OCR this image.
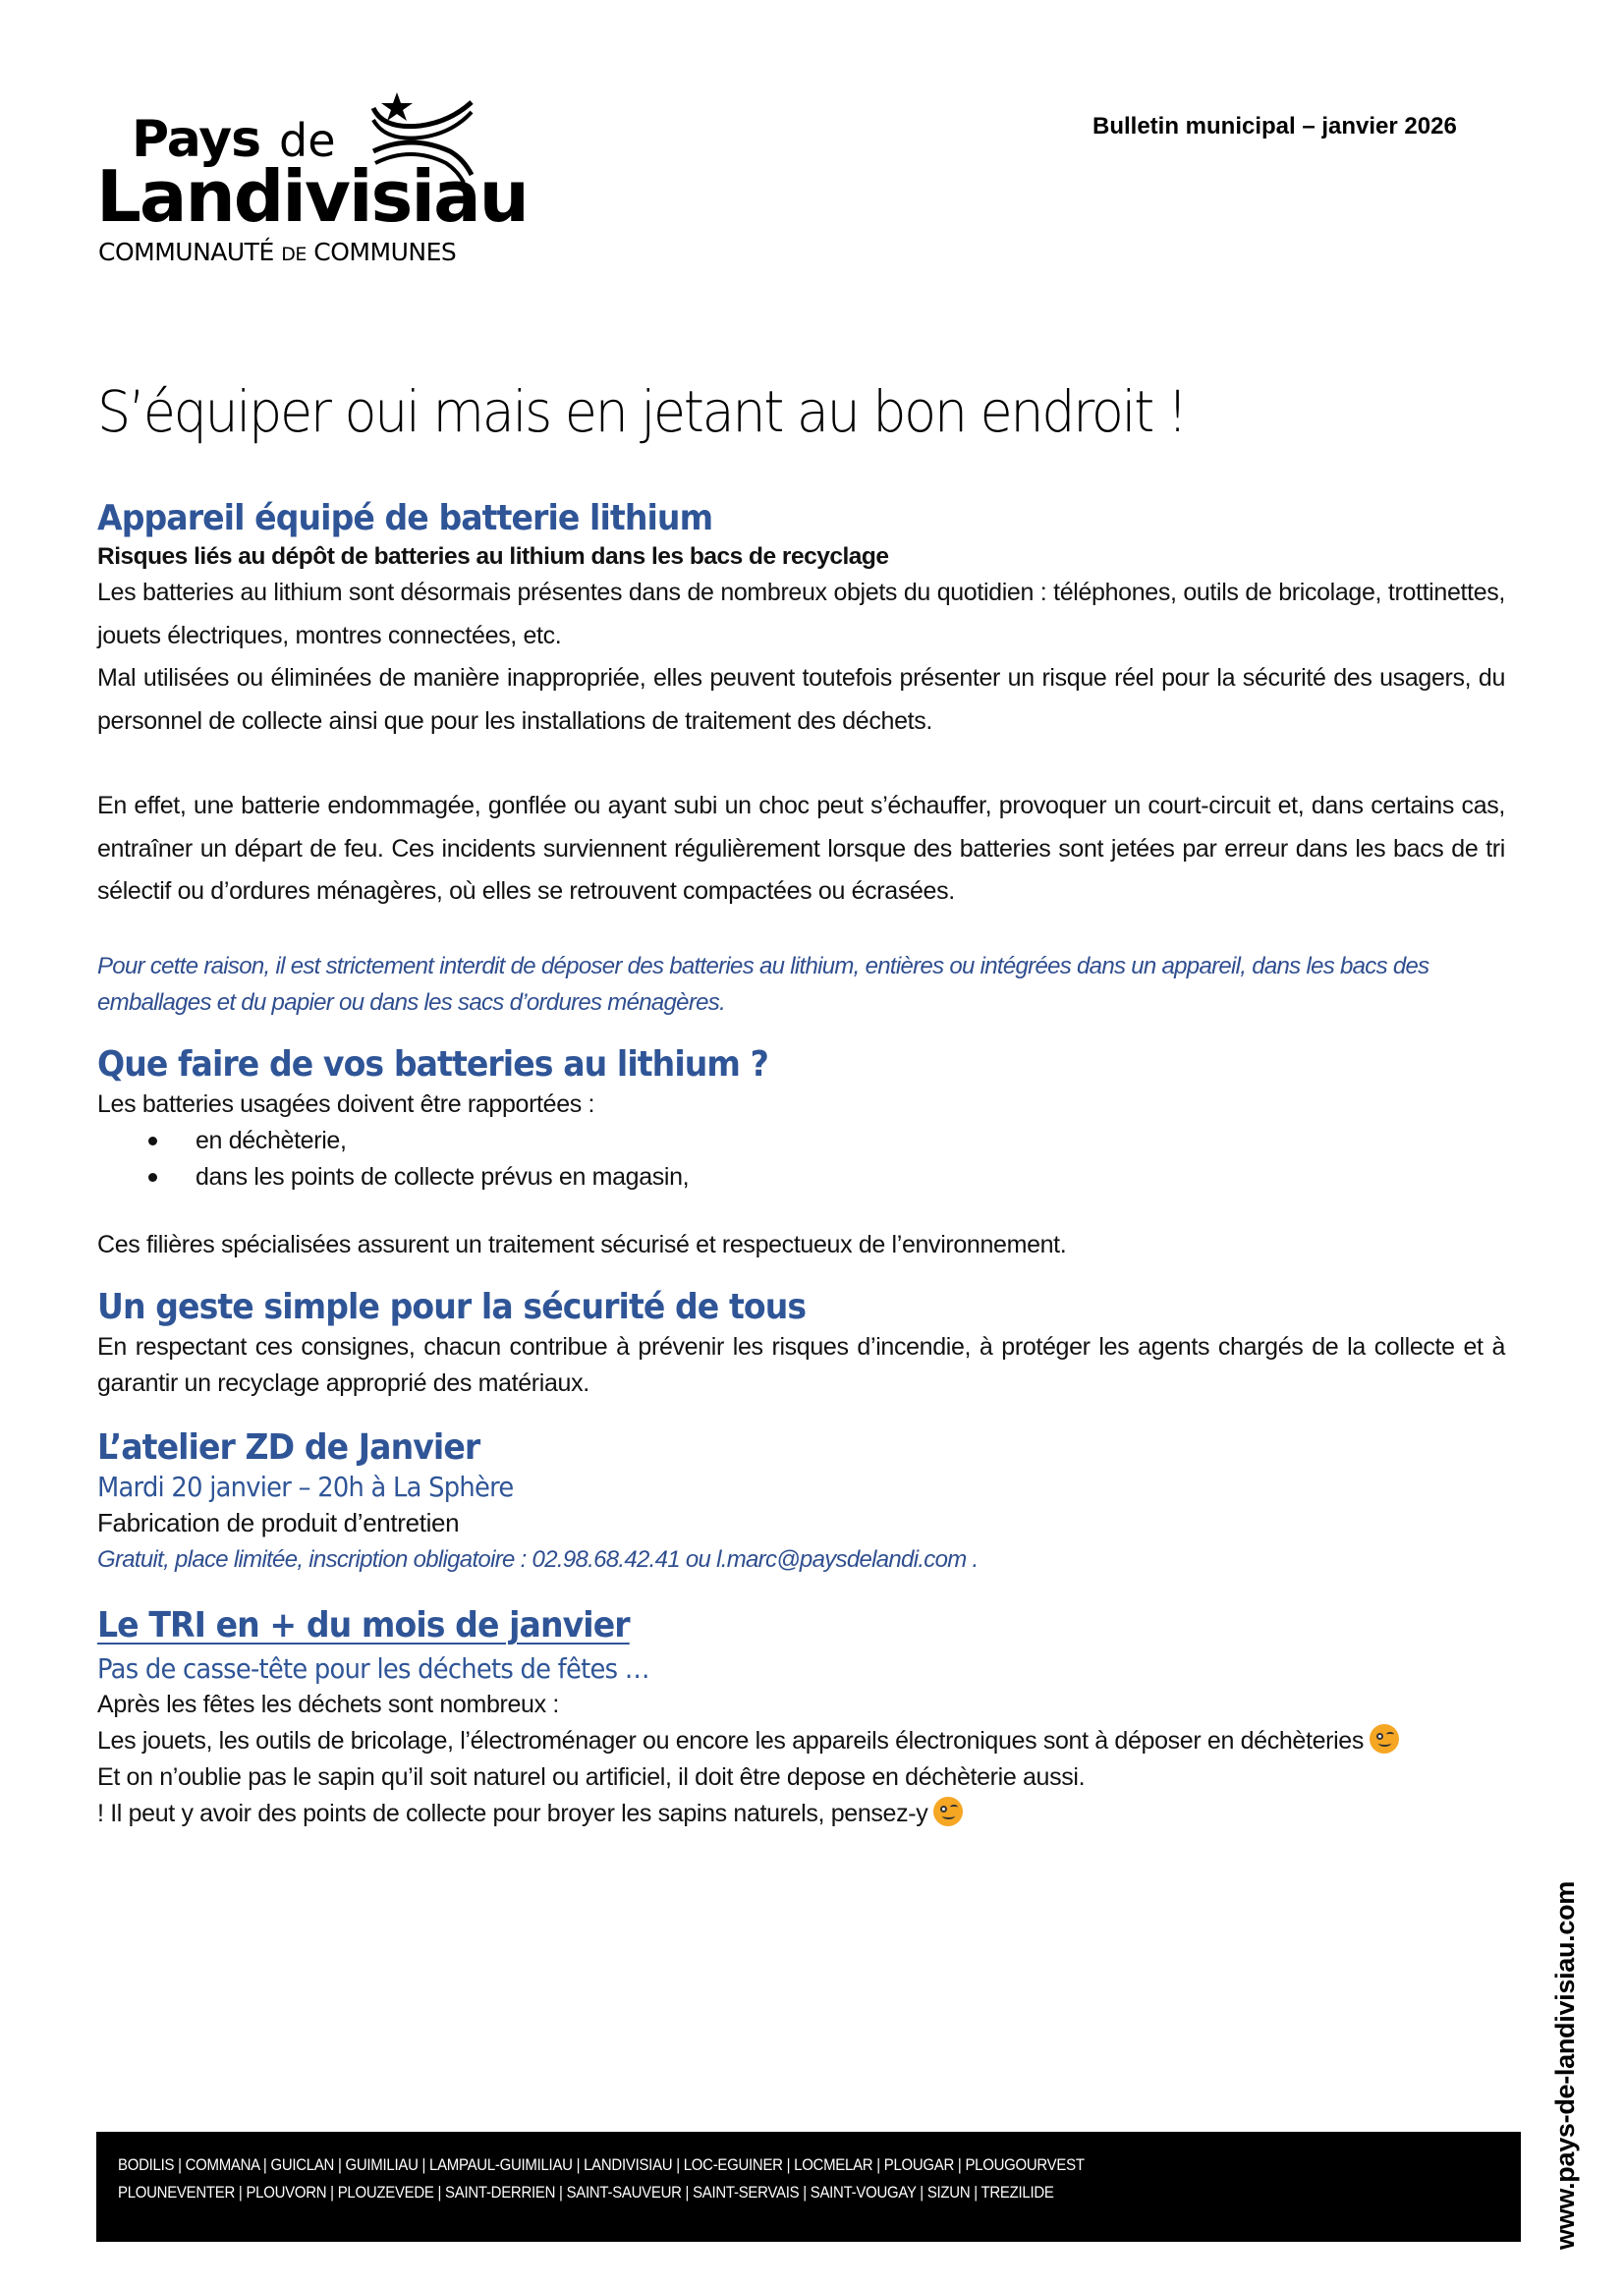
Pays de
Landivisiau
COMMUNAUTÉ DE COMMUNES
Bulletin municipal – janvier 2026
S’équiper oui mais en jetant au bon endroit !
Appareil équipé de batterie lithium
Risques liés au dépôt de batteries au lithium dans les bacs de recyclage

Les batteries au lithium sont désormais présentes dans de nombreux objets du quotidien : téléphones, outils de bricolage, trottinettes, jouets électriques, montres connectées, etc.

Mal utilisées ou éliminées de manière inappropriée, elles peuvent toutefois présenter un risque réel pour la sécurité des usagers, du personnel de collecte ainsi que pour les installations de traitement des déchets.

En effet, une batterie endommagée, gonflée ou ayant subi un choc peut s’échauffer, provoquer un court-circuit et, dans certains cas, entraîner un départ de feu. Ces incidents surviennent régulièrement lorsque des batteries sont jetées par erreur dans les bacs de tri sélectif ou d’ordures ménagères, où elles se retrouvent compactées ou écrasées.

Pour cette raison, il est strictement interdit de déposer des batteries au lithium, entières ou intégrées dans un appareil, dans les bacs des emballages et du papier ou dans les sacs d’ordures ménagères.

Que faire de vos batteries au lithium ?

Les batteries usagées doivent être rapportées :

en déchèterie,
dans les points de collecte prévus en magasin,

Ces filières spécialisées assurent un traitement sécurisé et respectueux de l’environnement.

Un geste simple pour la sécurité de tous

En respectant ces consignes, chacun contribue à prévenir les risques d’incendie, à protéger les agents chargés de la collecte et à garantir un recyclage approprié des matériaux.

L’atelier ZD de Janvier
Mardi 20 janvier – 20h à La Sphère

Fabrication de produit d’entretien

Gratuit, place limitée, inscription obligatoire : 02.98.68.42.41 ou l.marc@paysdelandi.com .

Le TRI en + du mois de janvier
Pas de casse-tête pour les déchets de fêtes …

Après les fêtes les déchets sont nombreux :

Les jouets, les outils de bricolage, l’électroménager ou encore les appareils électroniques sont à déposer en déchèteries

Et on n’oublie pas le sapin qu’il soit naturel ou artificiel, il doit être depose en déchèterie aussi.

! Il peut y avoir des points de collecte pour broyer les sapins naturels, pensez-y

BODILIS | COMMANA | GUICLAN | GUIMILIAU | LAMPAUL-GUIMILIAU | LANDIVISIAU | LOC-EGUINER | LOCMELAR | PLOUGAR | PLOUGOURVEST
PLOUNEVENTER | PLOUVORN | PLOUZEVEDE | SAINT-DERRIEN | SAINT-SAUVEUR | SAINT-SERVAIS | SAINT-VOUGAY | SIZUN | TREZILIDE	www.pays-de-landivisiau.com
